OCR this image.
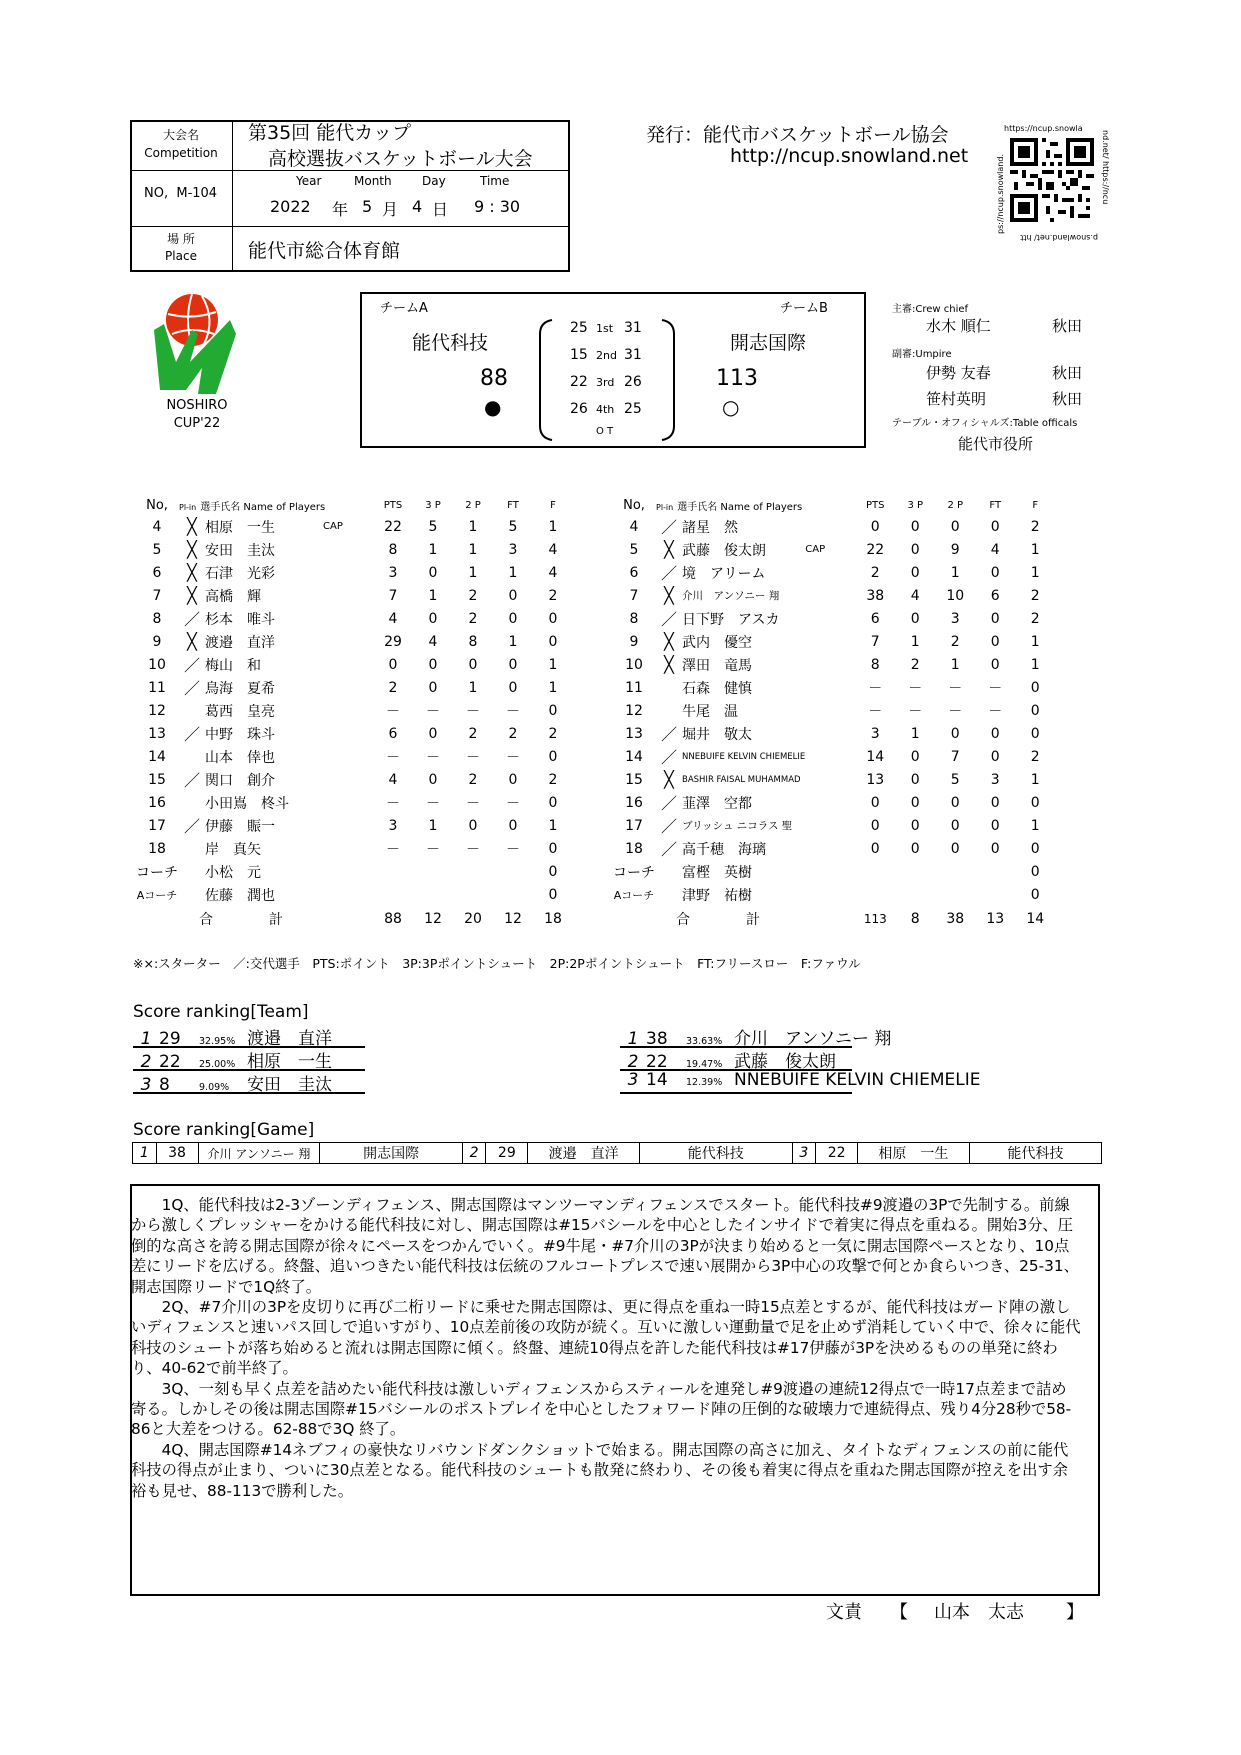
大会名
Competition
第35回 能代カップ
高校選抜バスケットボール大会
NO, M-104
Year	Month	Day	Time
2022 年 5 月 4 日 9 : 30
場 所
Place	能代市総合体育館
発行：能代市バスケットボール協会
http://ncup.snowland.net
https://ncup.snowla
nd.net/ https://ncu
p.snowland.net/ htt
ps://ncup.snowland.
NOSHIRO
CUP'22
チームA	チームB
能代科技	開志国際
88	113
●	○
25 1st 31
15 2nd 31
22 3rd 26
26 4th 25
O T
主審:Crew chief
水木 順仁	秋田
副審:Umpire
伊勢 友春	秋田
笹村英明	秋田
テーブル・オフィシャルズ:Table officals
能代市役所
No,	Pl-in 選手氏名 Name of Players			PTS	3 P	2 P	FT	F
4	╳	相原　一生	CAP	22	5	1	5	1
5	╳	安田　圭汰		8	1	1	3	4
6	╳	石津　光彩		3	0	1	1	4
7	╳	高橋　輝		7	1	2	0	2
8	／	杉本　唯斗		4	0	2	0	0
9	╳	渡邉　直洋		29	4	8	1	0
10	／	梅山　和		0	0	0	0	1
11	／	鳥海　夏希		2	0	1	0	1
12		葛西　皇亮		－	－	－	－	0
13	／	中野　珠斗		6	0	2	2	2
14		山本　倖也		－	－	－	－	0
15	／	関口　創介		4	0	2	0	2
16		小田嶌　柊斗		－	－	－	－	0
17	／	伊藤　賑一		3	1	0	0	1
18		岸　真矢		－	－	－	－	0
コーチ		小松　元						0
Aコーチ		佐藤　潤也						0
	合　　　　計			88	12	20	12	18
No,	Pl-in 選手氏名 Name of Players			PTS	3 P	2 P	FT	F
4	／	諸星　然		0	0	0	0	2
5	╳	武藤　俊太朗	CAP	22	0	9	4	1
6	／	境　アリーム		2	0	1	0	1
7	╳	介川　アンソニー 翔		38	4	10	6	2
8	／	日下野　アスカ		6	0	3	0	2
9	╳	武内　優空		7	1	2	0	1
10	╳	澤田　竜馬		8	2	1	0	1
11		石森　健慎		－	－	－	－	0
12		牛尾　温		－	－	－	－	0
13	／	堀井　敬太		3	1	0	0	0
14	／	NNEBUIFE KELVIN CHIEMELIE		14	0	7	0	2
15	╳	BASHIR FAISAL MUHAMMAD		13	0	5	3	1
16	／	韮澤　空都		0	0	0	0	0
17	／	ブリッシュ ニコラス 聖		0	0	0	0	1
18	／	高千穂　海璃		0	0	0	0	0
コーチ		富樫　英樹						0
Aコーチ		津野　祐樹						0
	合　　　　計			113	8	38	13	14
※×:スターター　／:交代選手　PTS:ポイント　3P:3Pポイントシュート　2P:2Pポイントシュート　FT:フリースロー　F:ファウル
Score ranking[Team]
1 29 32.95% 渡邉　直洋
2 22 25.00% 相原　一生
3 8	9.09% 安田　圭汰
1 38 33.63% 介川　アンソニー 翔
2 22 19.47% 武藤　俊太朗
3 14 12.39% NNEBUIFE KELVIN CHIEMELIE
Score ranking[Game]
1	38	介川 アンソニー 翔	開志国際	2	29	渡邉　直洋	能代科技	3	22	相原　一生	能代科技

1Q、能代科技は2-3ゾーンディフェンス、開志国際はマンツーマンディフェンスでスタート。能代科技#9渡邉の3Pで先制する。前線から激しくプレッシャーをかける能代科技に対し、開志国際は#15バシールを中心としたインサイドで着実に得点を重ねる。開始3分、圧倒的な高さを誇る開志国際が徐々にペースをつかんでいく。#9牛尾・#7介川の3Pが決まり始めると一気に開志国際ペースとなり、10点差にリードを広げる。終盤、追いつきたい能代科技は伝統のフルコートプレスで速い展開から3P中心の攻撃で何とか食らいつき、25-31、開志国際リードで1Q終了。

2Q、#7介川の3Pを皮切りに再び二桁リードに乗せた開志国際は、更に得点を重ね一時15点差とするが、能代科技はガード陣の激しいディフェンスと速いパス回しで追いすがり、10点差前後の攻防が続く。互いに激しい運動量で足を止めず消耗していく中で、徐々に能代科技のシュートが落ち始めると流れは開志国際に傾く。終盤、連続10得点を許した能代科技は#17伊藤が3Pを決めるものの単発に終わり、40-62で前半終了。

3Q、一刻も早く点差を詰めたい能代科技は激しいディフェンスからスティールを連発し#9渡邉の連続12得点で一時17点差まで詰め寄る。しかしその後は開志国際#15バシールのポストプレイを中心としたフォワード陣の圧倒的な破壊力で連続得点、残り4分28秒で58-86と大差をつける。62-88で3Q 終了。

4Q、開志国際#14ネブフィの豪快なリバウンドダンクショットで始まる。開志国際の高さに加え、タイトなディフェンスの前に能代科技の得点が止まり、ついに30点差となる。能代科技のシュートも散発に終わり、その後も着実に得点を重ねた開志国際が控えを出す余裕も見せ、88-113で勝利した。

文責 【 山本　太志 】
